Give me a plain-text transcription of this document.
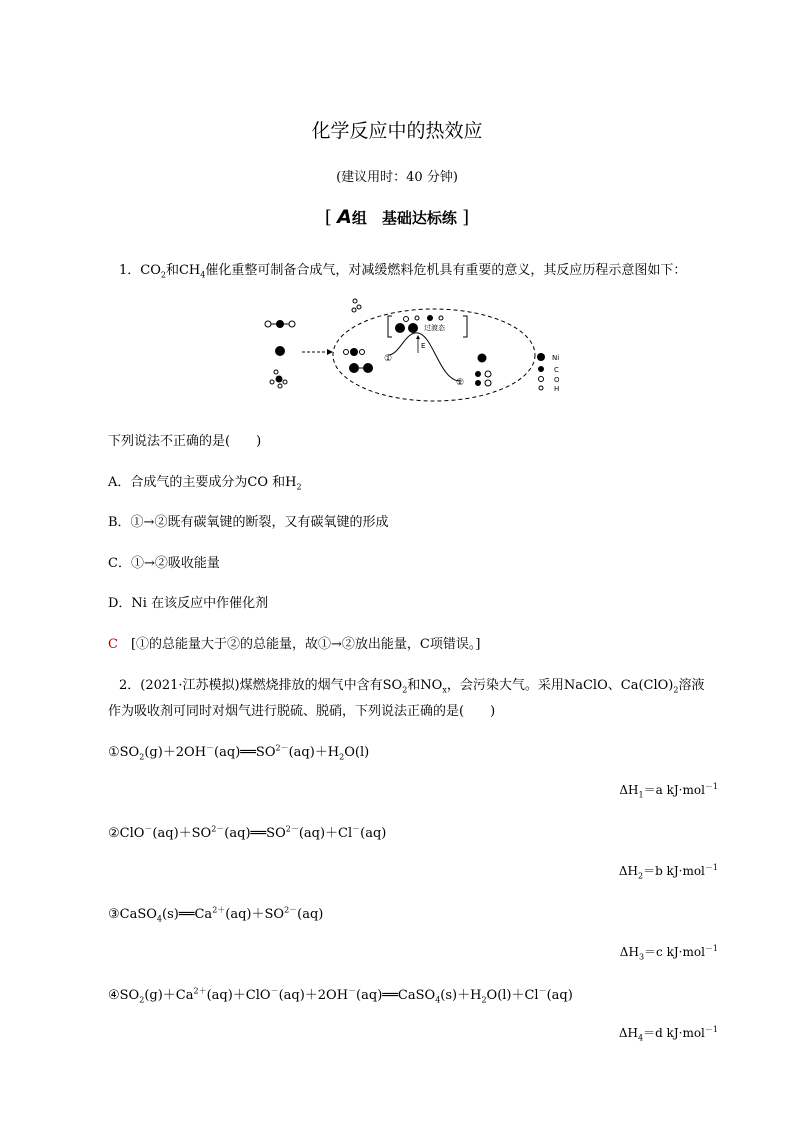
化学反应中的热效应
(建议用时：40 分钟)
[ A组　基础达标练 ]
1．$CO_2$和$CH_4$催化重整可制备合成气，对减缓燃料危机具有重要的意义，其反应历程示意图如下：
过渡态
E
①
②
Ni
C
O
H
下列说法不正确的是(　　)
A．合成气的主要成分为CO 和$H_2$
B．①→②既有碳氧键的断裂，又有碳氧键的形成
C．①→②吸收能量
D．Ni 在该反应中作催化剂
C　 [①的总能量大于②的总能量，故①→②放出能量，C项错误。]
2．(2021·江苏模拟)煤燃烧排放的烟气中含有$SO_2$和$NO_x$，会污染大气。采用NaClO、$Ca(ClO)_2$溶液
作为吸收剂可同时对烟气进行脱硫、脱硝，下列说法正确的是(　　)
$①SO_2(g)+2OH^-(aq)══SO^{2-}(aq)+H_2O(l)$
$\Delta H_1=a$ kJ·mol$^{-1}$
$②ClO^-(aq)+SO^{2-}(aq)══SO^{2-}(aq)+Cl^-(aq)$
$\Delta H_2=b$ kJ·mol$^{-1}$
$③CaSO_4(s)══Ca^{2+}(aq)+SO^{2-}(aq)$
$\Delta H_3=c$ kJ·mol$^{-1}$
$④SO_2(g)+Ca^{2+}(aq)+ClO^-(aq)+2OH^-(aq)══CaSO_4(s)+H_2O(l)+Cl^-(aq)$
$\Delta H_4=d$ kJ·mol$^{-1}$
